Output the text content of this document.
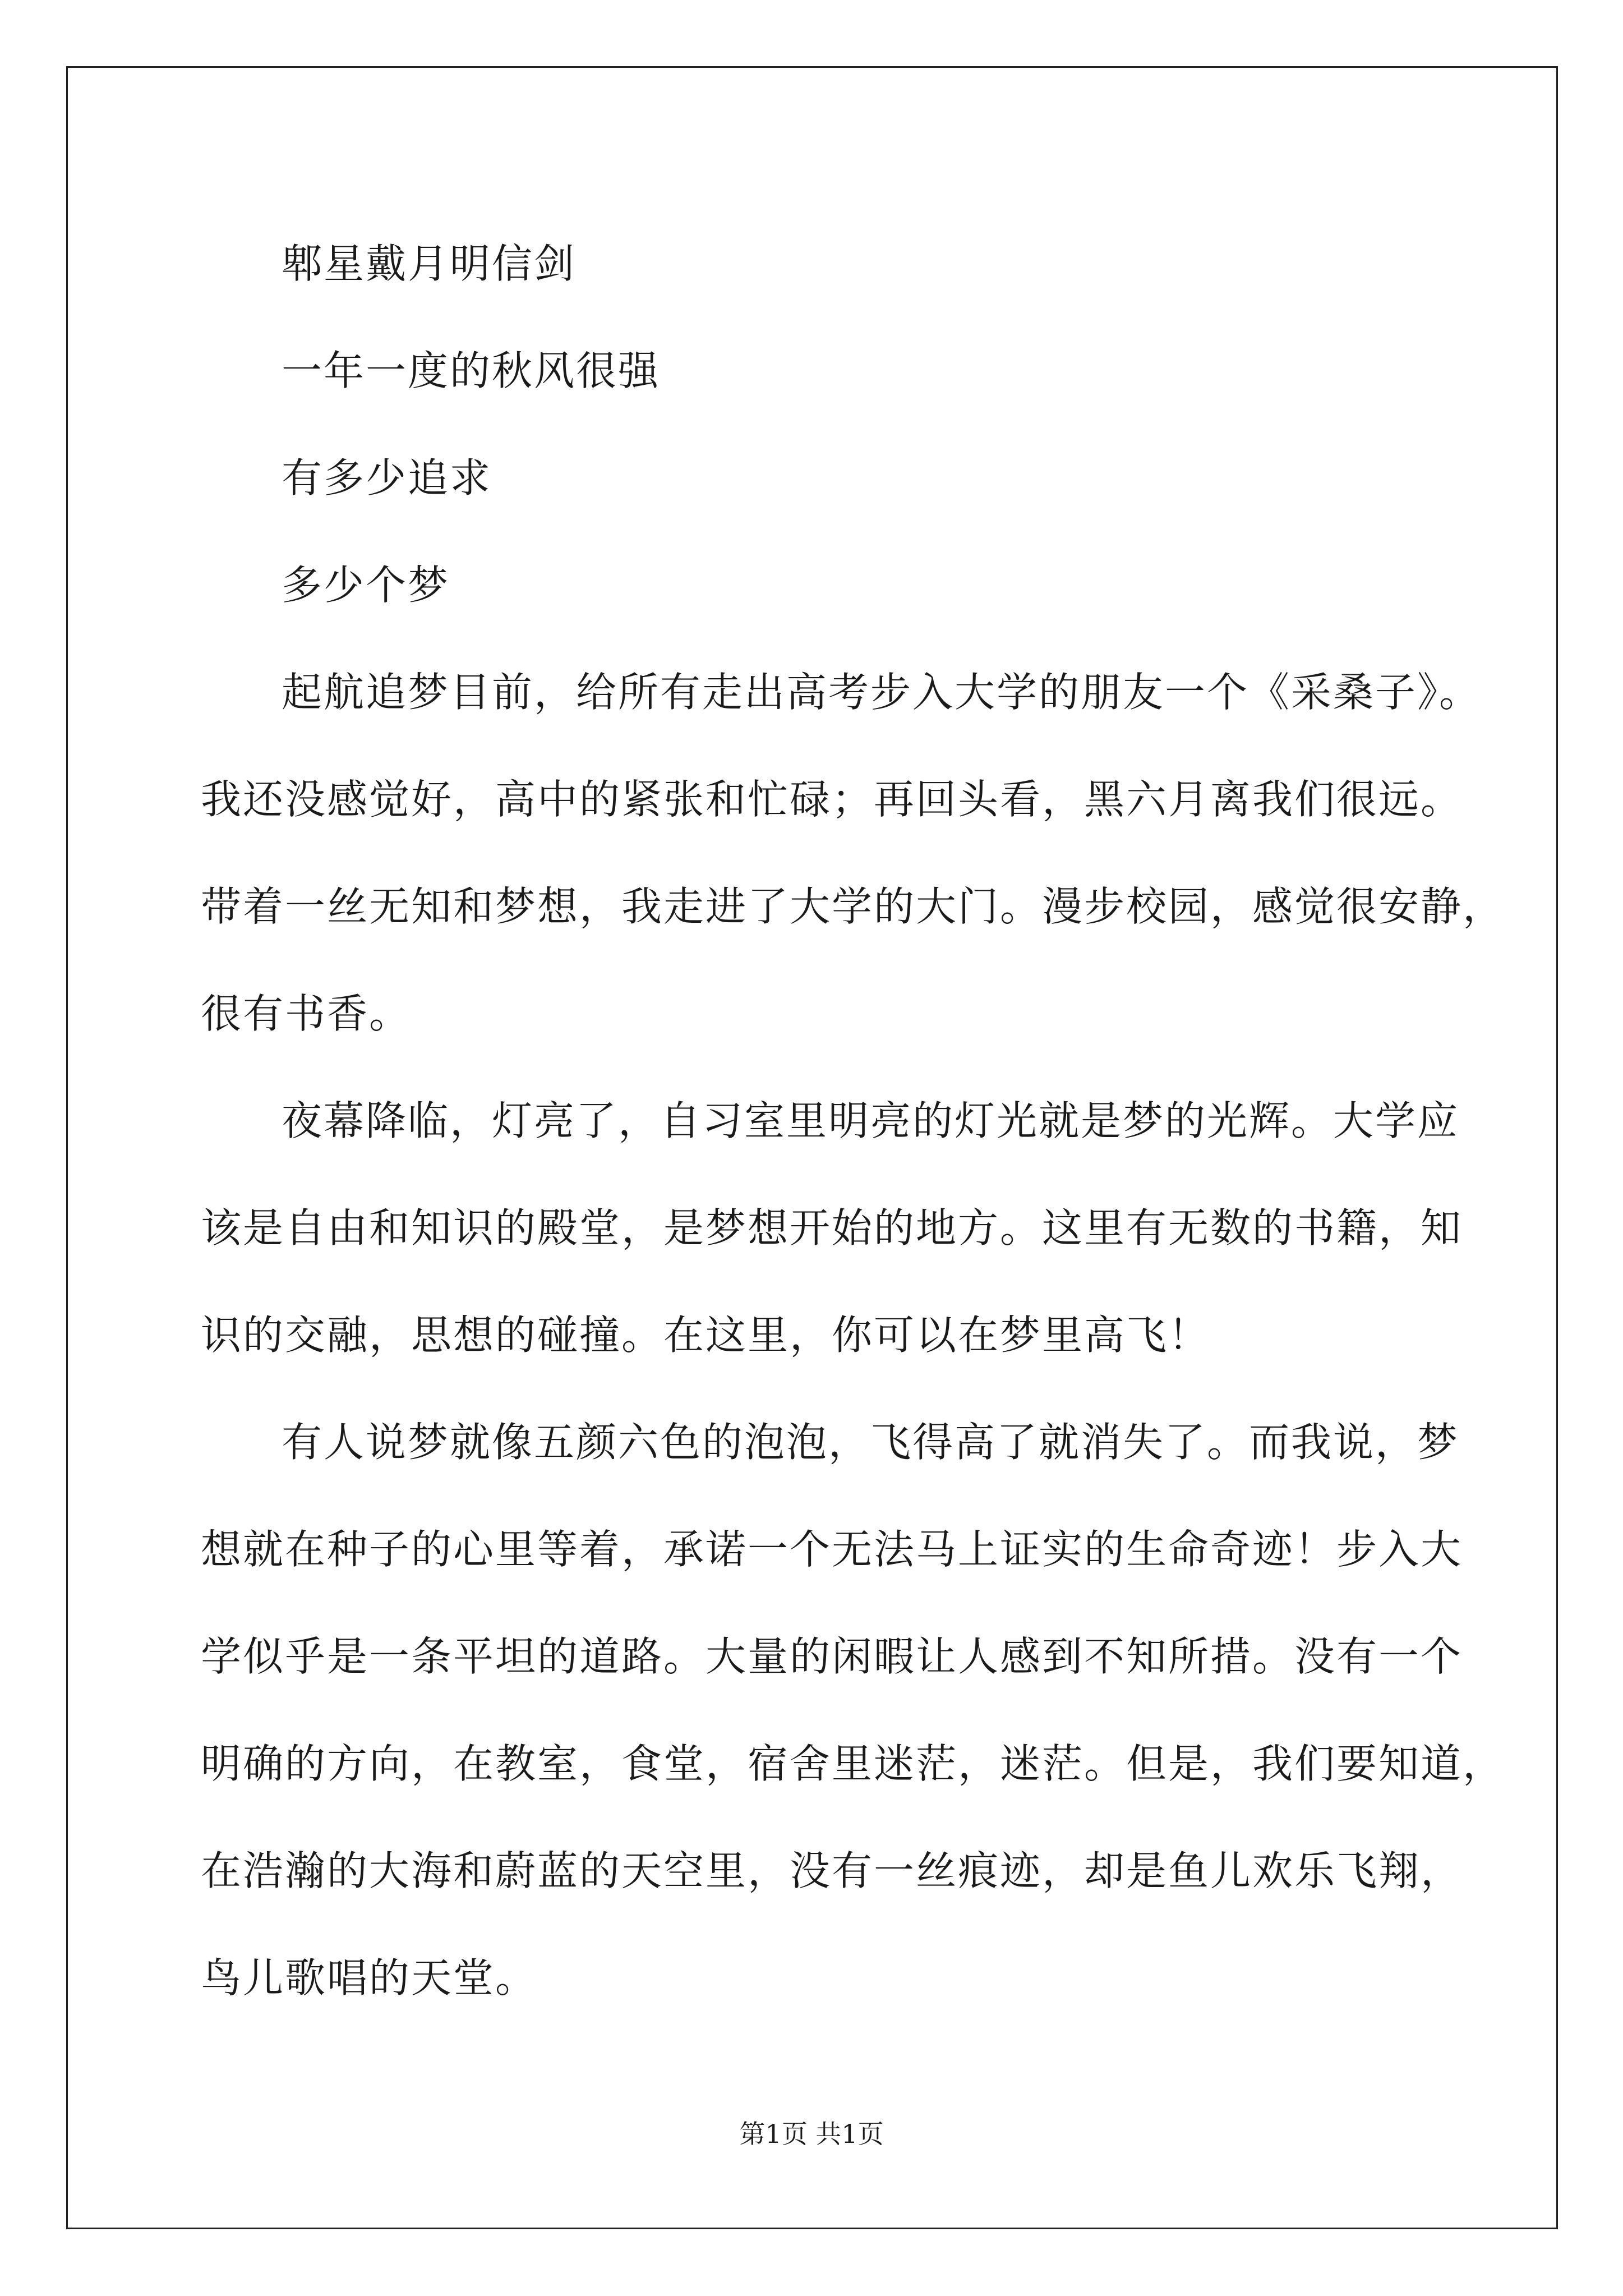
郫星戴月明信剑

一年一度的秋风很强

有多少追求

多少个梦

起航追梦目前，给所有走出高考步入大学的朋友一个《采桑子》。
我还没感觉好，高中的紧张和忙碌；再回头看，黑六月离我们很远。
带着一丝无知和梦想，我走进了大学的大门。漫步校园，感觉很安静，
很有书香。
夜幕降临，灯亮了，自习室里明亮的灯光就是梦的光辉。大学应
该是自由和知识的殿堂，是梦想开始的地方。这里有无数的书籍，知
识的交融，思想的碰撞。在这里，你可以在梦里高飞！
有人说梦就像五颜六色的泡泡，飞得高了就消失了。而我说，梦
想就在种子的心里等着，承诺一个无法马上证实的生命奇迹！步入大
学似乎是一条平坦的道路。大量的闲暇让人感到不知所措。没有一个
明确的方向，在教室，食堂，宿舍里迷茫，迷茫。但是，我们要知道，
在浩瀚的大海和蔚蓝的天空里，没有一丝痕迹，却是鱼儿欢乐飞翔，
鸟儿歌唱的天堂。
第1页 共1页
